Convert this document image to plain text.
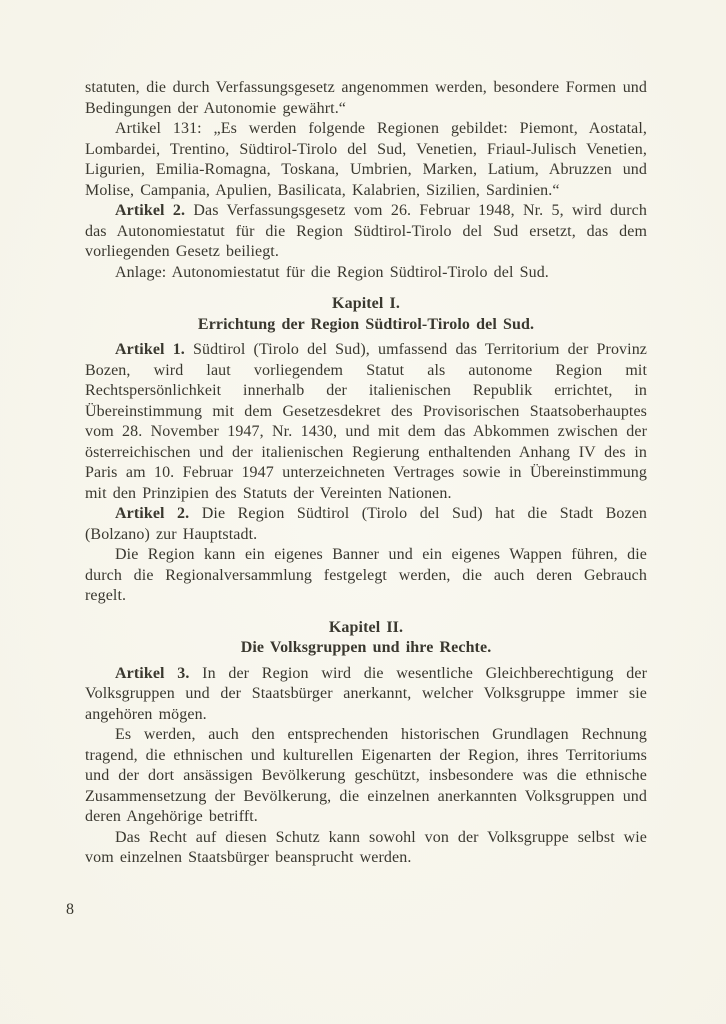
statuten, die durch Verfassungsgesetz angenommen werden, besondere Formen und Bedingungen der Autonomie gewährt.“

Artikel 131: „Es werden folgende Regionen gebildet: Piemont, Aostatal, Lombardei, Trentino, Südtirol-Tirolo del Sud, Venetien, Friaul-Julisch Venetien, Ligurien, Emilia-Romagna, Toskana, Umbrien, Marken, Latium, Abruzzen und Molise, Campania, Apulien, Basilicata, Kalabrien, Sizilien, Sardinien.“

Artikel 2. Das Verfassungsgesetz vom 26. Februar 1948, Nr. 5, wird durch das Autonomiestatut für die Region Südtirol-Tirolo del Sud ersetzt, das dem vorliegenden Gesetz beiliegt.

Anlage: Autonomiestatut für die Region Südtirol-Tirolo del Sud.

Kapitel I.

Errichtung der Region Südtirol-Tirolo del Sud.

Artikel 1. Südtirol (Tirolo del Sud), umfassend das Territorium der Provinz Bozen, wird laut vorliegendem Statut als autonome Region mit Rechtspersönlichkeit innerhalb der italienischen Republik errichtet, in Übereinstimmung mit dem Gesetzesdekret des Provisorischen Staatsoberhauptes vom 28. November 1947, Nr. 1430, und mit dem das Abkommen zwischen der österreichischen und der italienischen Regierung enthaltenden Anhang IV des in Paris am 10. Februar 1947 unterzeichneten Vertrages sowie in Übereinstimmung mit den Prinzipien des Statuts der Vereinten Nationen.

Artikel 2. Die Region Südtirol (Tirolo del Sud) hat die Stadt Bozen (Bolzano) zur Hauptstadt.

Die Region kann ein eigenes Banner und ein eigenes Wappen führen, die durch die Regionalversammlung festgelegt werden, die auch deren Gebrauch regelt.

Kapitel II.

Die Volksgruppen und ihre Rechte.

Artikel 3. In der Region wird die wesentliche Gleichberechtigung der Volksgruppen und der Staatsbürger anerkannt, welcher Volksgruppe immer sie angehören mögen.

Es werden, auch den entsprechenden historischen Grundlagen Rechnung tragend, die ethnischen und kulturellen Eigenarten der Region, ihres Territoriums und der dort ansässigen Bevölkerung geschützt, insbesondere was die ethnische Zusammensetzung der Bevölkerung, die einzelnen anerkannten Volksgruppen und deren Angehörige betrifft.

Das Recht auf diesen Schutz kann sowohl von der Volksgruppe selbst wie vom einzelnen Staatsbürger beansprucht werden.

8
